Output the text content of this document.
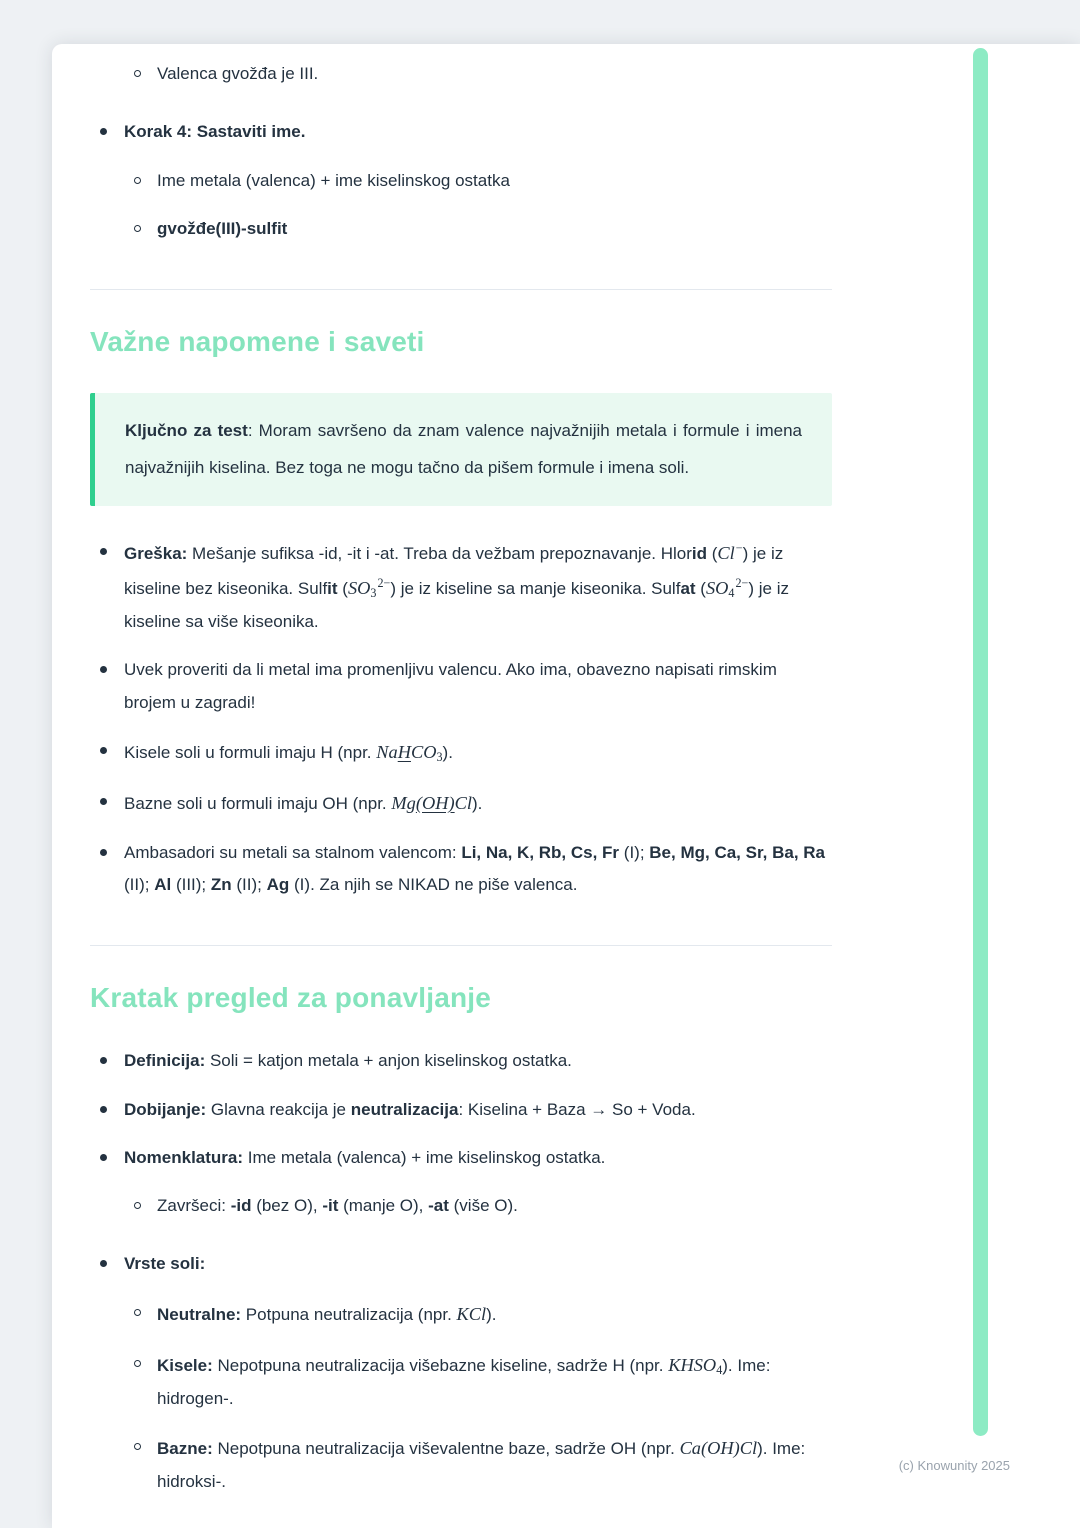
Valenca gvožđa je III.
Korak 4: Sastaviti ime.
Ime metala (valenca) + ime kiselinskog ostatka
gvožđe(III)-sulfit
Važne napomene i saveti
Ključno za test: Moram savršeno da znam valence najvažnijih metala i formule i imena najvažnijih kiselina. Bez toga ne mogu tačno da pišem formule i imena soli.
Greška: Mešanje sufiksa -id, -it i -at. Treba da vežbam prepoznavanje. Hlorid (Cl−) je iz kiseline bez kiseonika. Sulfit $(SO_3^{2-})$ je iz kiseline sa manje kiseonika. Sulfat $(SO_4^{2-})$ je iz kiseline sa više kiseonika.
Uvek proveriti da li metal ima promenljivu valencu. Ako ima, obavezno napisati rimskim brojem u zagradi!
Kisele soli u formuli imaju H (npr. NaHCO$_3$).
Bazne soli u formuli imaju OH (npr. Mg(OH)Cl).
Ambasadori su metali sa stalnom valencom: Li, Na, K, Rb, Cs, Fr (I); Be, Mg, Ca, Sr, Ba, Ra (II); Al (III); Zn (II); Ag (I). Za njih se NIKAD ne piše valenca.
Kratak pregled za ponavljanje
Definicija: Soli = katjon metala + anjon kiselinskog ostatka.
Dobijanje: Glavna reakcija je neutralizacija: Kiselina + Baza → So + Voda.
Nomenklatura: Ime metala (valenca) + ime kiselinskog ostatka.
Završeci: -id (bez O), -it (manje O), -at (više O).
Vrste soli:
Neutralne: Potpuna neutralizacija (npr. KCl).
Kisele: Nepotpuna neutralizacija višebazne kiseline, sadrže H (npr. $KHSO_4$). Ime: hidrogen-.
Bazne: Nepotpuna neutralizacija viševalentne baze, sadrže OH (npr. Ca(OH)Cl). Ime: hidroksi-.
(c) Knowunity 2025
